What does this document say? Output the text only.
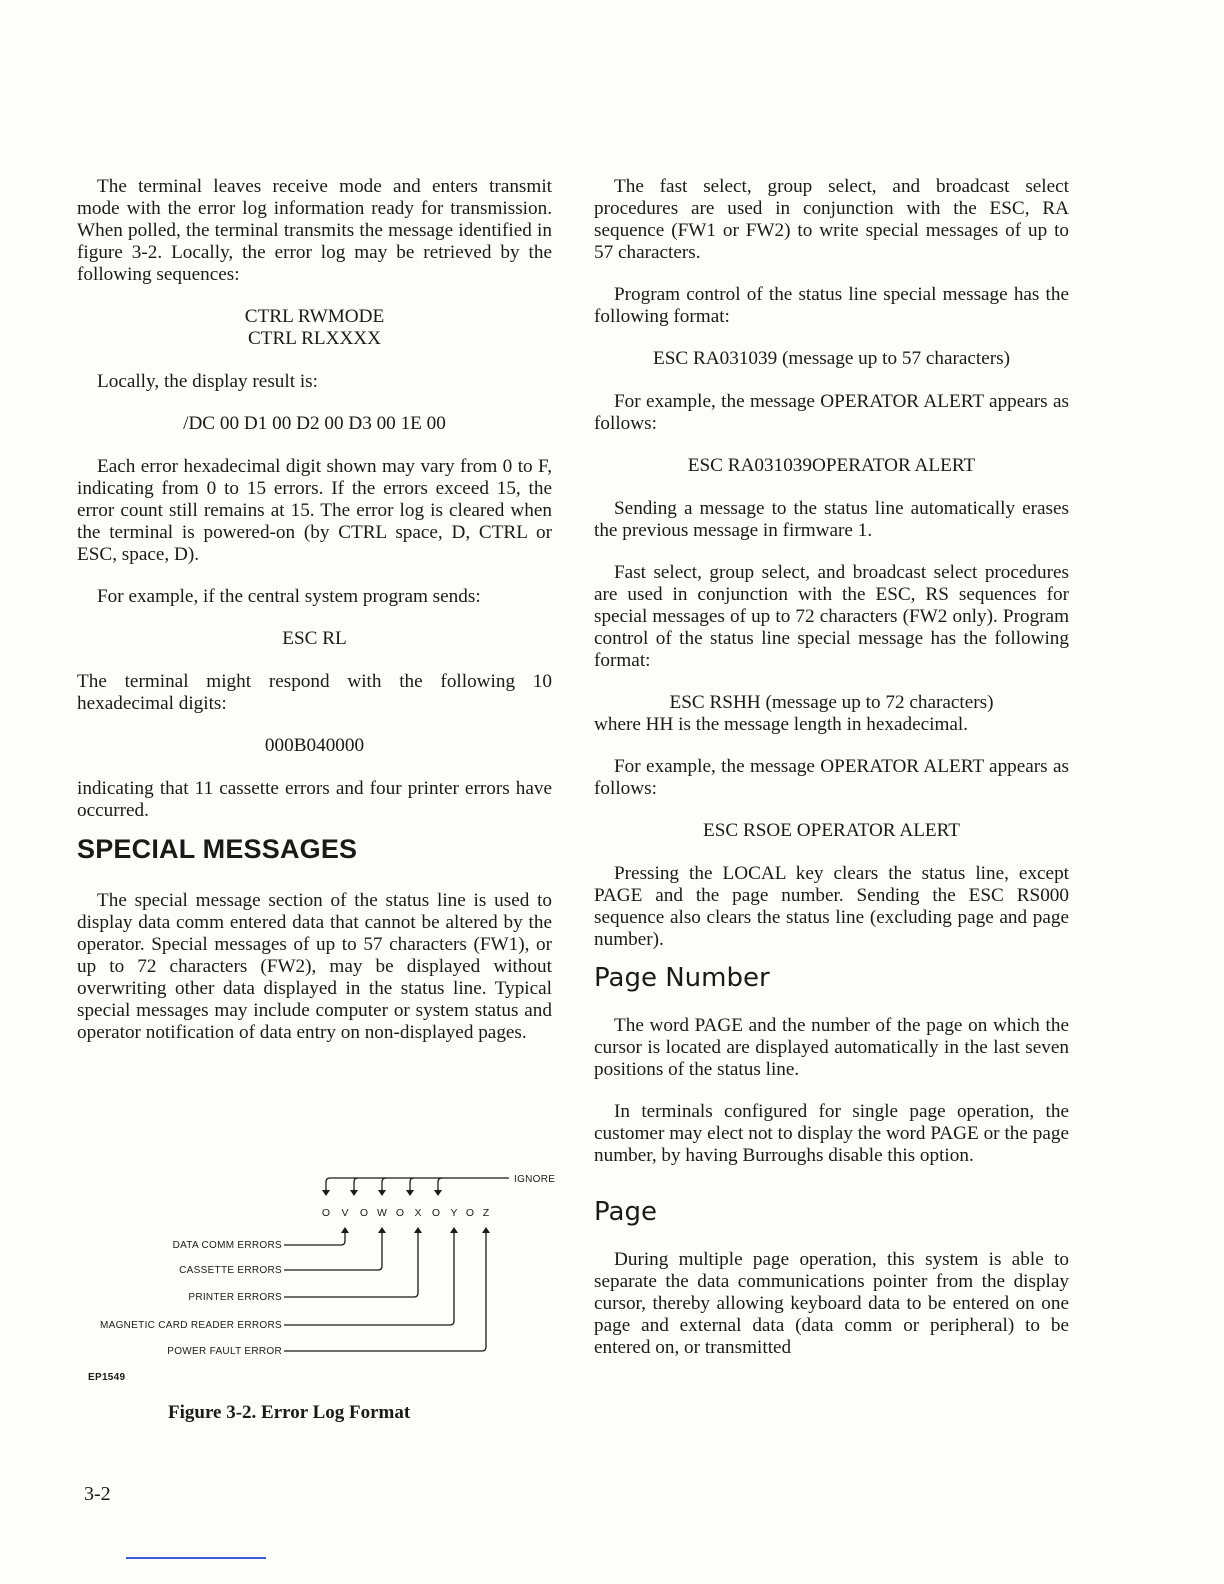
The terminal leaves receive mode and enters transmit mode with the error log information ready for transmission. When polled, the terminal transmits the message identified in figure 3-2. Locally, the error log may be retrieved by the following sequences:

CTRL RWMODE
CTRL RLXXXX

Locally, the display result is:

/DC 00 D1 00 D2 00 D3 00 1E 00

Each error hexadecimal digit shown may vary from 0 to F, indicating from 0 to 15 errors. If the errors exceed 15, the error count still remains at 15. The error log is cleared when the terminal is powered-on (by CTRL space, D, CTRL or ESC, space, D).

For example, if the central system program sends:

ESC RL

The terminal might respond with the following 10 hexadecimal digits:

000B040000

indicating that 11 cassette errors and four printer errors have occurred.

SPECIAL MESSAGES

The special message section of the status line is used to display data comm entered data that cannot be altered by the operator. Special messages of up to 57 characters (FW1), or up to 72 characters (FW2), may be displayed without overwriting other data displayed in the status line. Typical special messages may include computer or system status and operator notification of data entry on non-displayed pages.

IGNORE
O V O W O X O Y O Z
DATA COMM ERRORS
CASSETTE ERRORS
PRINTER ERRORS
MAGNETIC CARD READER ERRORS
POWER FAULT ERROR
EP1549
Figure 3-2. Error Log Format

The fast select, group select, and broadcast select procedures are used in conjunction with the ESC, RA sequence (FW1 or FW2) to write special messages of up to 57 characters.

Program control of the status line special message has the following format:

ESC RA031039 (message up to 57 characters)

For example, the message OPERATOR ALERT appears as follows:

ESC RA031039OPERATOR ALERT

Sending a message to the status line automatically erases the previous message in firmware 1.

Fast select, group select, and broadcast select procedures are used in conjunction with the ESC, RS sequences for special messages of up to 72 characters (FW2 only). Program control of the status line special message has the following format:

ESC RSHH (message up to 72 characters)

where HH is the message length in hexadecimal.

For example, the message OPERATOR ALERT appears as follows:

ESC RSOE OPERATOR ALERT

Pressing the LOCAL key clears the status line, except PAGE and the page number. Sending the ESC RS000 sequence also clears the status line (excluding page and page number).

Page Number

The word PAGE and the number of the page on which the cursor is located are displayed automatically in the last seven positions of the status line.

In terminals configured for single page operation, the customer may elect not to display the word PAGE or the page number, by having Burroughs disable this option.

Page

During multiple page operation, this system is able to separate the data communications pointer from the display cursor, thereby allowing keyboard data to be entered on one page and external data (data comm or peripheral) to be entered on, or transmitted

3-2
